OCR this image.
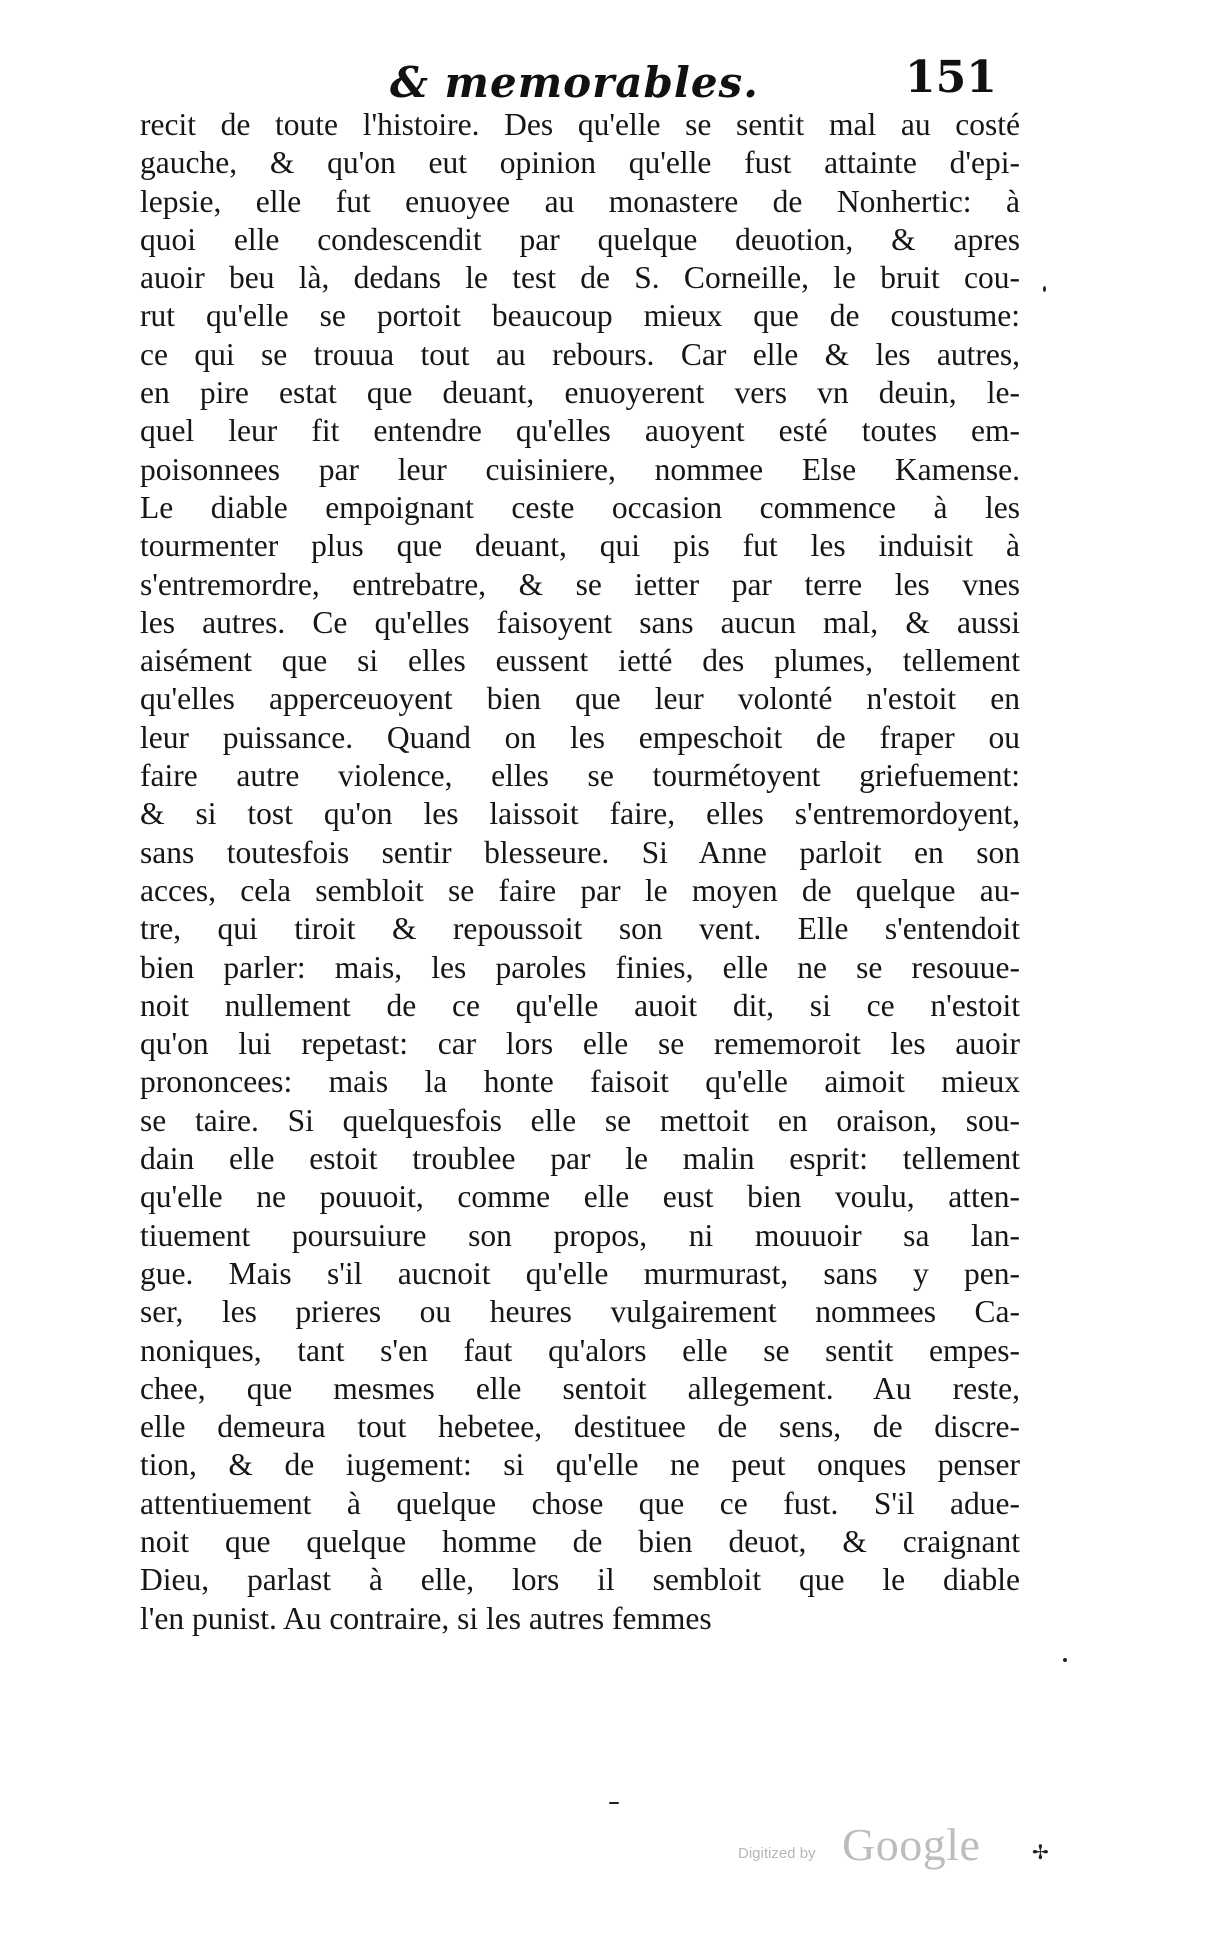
& memorables.	151
recit de toute l'histoire. Des qu'elle se sentit mal au costé
gauche, & qu'on eut opinion qu'elle fust attainte d'epi-
lepsie, elle fut enuoyee au monastere de Nonhertic: à
quoi elle condescendit par quelque deuotion, & apres
auoir beu là, dedans le test de S. Corneille, le bruit cou-
rut qu'elle se portoit beaucoup mieux que de coustume:
ce qui se trouua tout au rebours. Car elle & les autres,
en pire estat que deuant, enuoyerent vers vn deuin, le-
quel leur fit entendre qu'elles auoyent esté toutes em-
poisonnees par leur cuisiniere, nommee Else Kamense.
Le diable empoignant ceste occasion commence à les
tourmenter plus que deuant, qui pis fut les induisit à
s'entremordre, entrebatre, & se ietter par terre les vnes
les autres. Ce qu'elles faisoyent sans aucun mal, & aussi
aisément que si elles eussent ietté des plumes, tellement
qu'elles apperceuoyent bien que leur volonté n'estoit en
leur puissance. Quand on les empeschoit de fraper ou
faire autre violence, elles se tourmétoyent griefuement:
& si tost qu'on les laissoit faire, elles s'entremordoyent,
sans toutesfois sentir blesseure. Si Anne parloit en son
acces, cela sembloit se faire par le moyen de quelque au-
tre, qui tiroit & repoussoit son vent. Elle s'entendoit
bien parler: mais, les paroles finies, elle ne se resouue-
noit nullement de ce qu'elle auoit dit, si ce n'estoit
qu'on lui repetast: car lors elle se rememoroit les auoir
prononcees: mais la honte faisoit qu'elle aimoit mieux
se taire. Si quelquesfois elle se mettoit en oraison, sou-
dain elle estoit troublee par le malin esprit: tellement
qu'elle ne pouuoit, comme elle eust bien voulu, atten-
tiuement poursuiure son propos, ni mouuoir sa lan-
gue. Mais s'il aucnoit qu'elle murmurast, sans y pen-
ser, les prieres ou heures vulgairement nommees Ca-
noniques, tant s'en faut qu'alors elle se sentit empes-
chee, que mesmes elle sentoit allegement. Au reste,
elle demeura tout hebetee, destituee de sens, de discre-
tion, & de iugement: si qu'elle ne peut onques penser
attentiuement à quelque chose que ce fust. S'il adue-
noit que quelque homme de bien deuot, & craignant
Dieu, parlast à elle, lors il sembloit que le diable
l'en punist. Au contraire, si les autres femmes
✢
Digitized by Google
